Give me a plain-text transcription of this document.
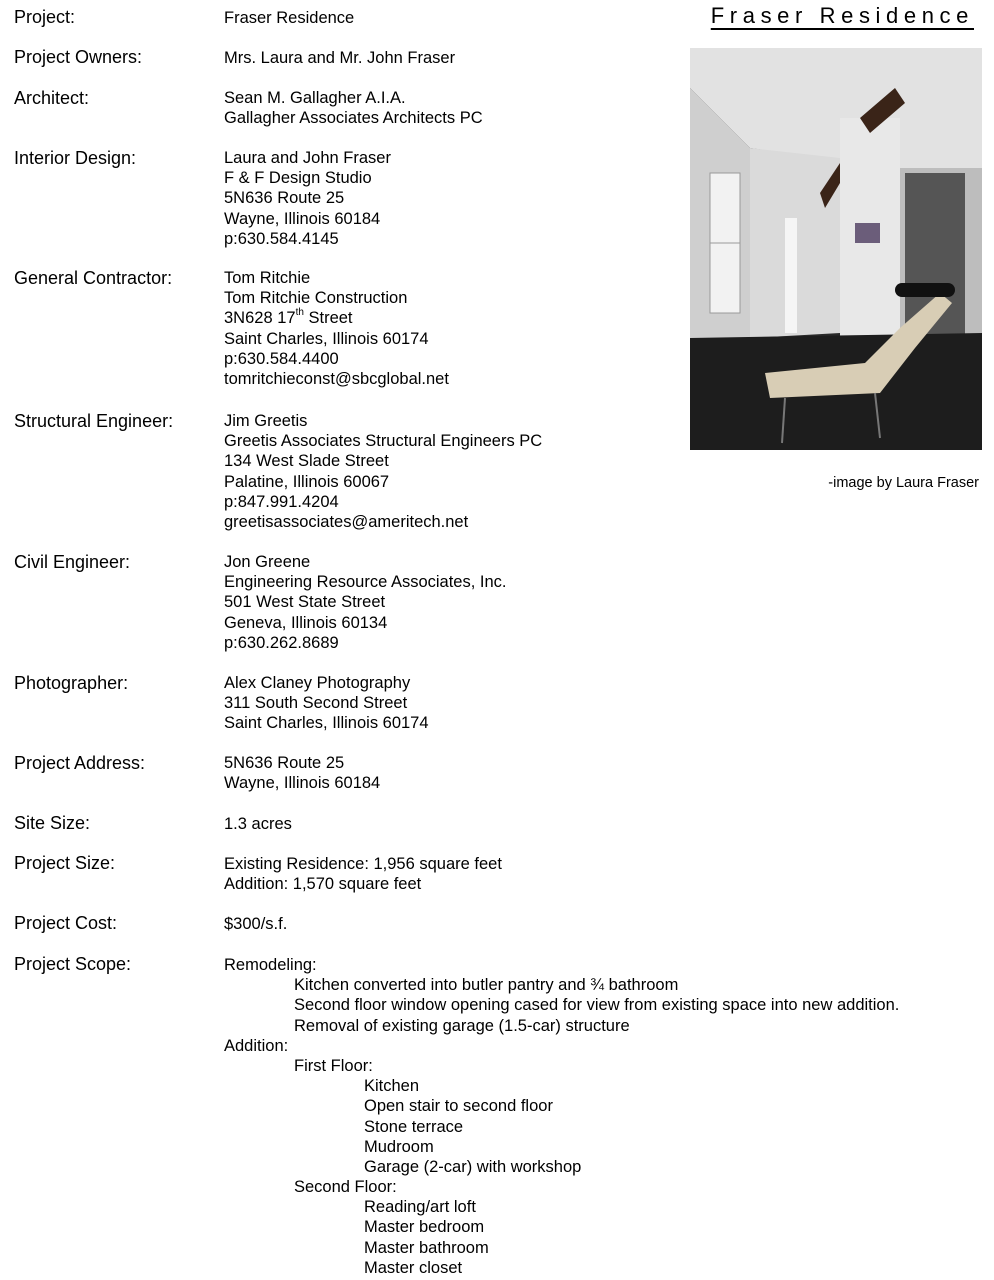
Fraser Residence
-image by Laura Fraser
Project:	Fraser Residence
Project Owners:	Mrs. Laura and Mr. John Fraser
Architect:	Sean M. Gallagher A.I.A.
Gallagher Associates Architects PC
Interior Design:	Laura and John Fraser
F & F Design Studio
5N636 Route 25
Wayne, Illinois 60184
p:630.584.4145
General Contractor:	Tom Ritchie
Tom Ritchie Construction
3N628 17th Street
Saint Charles, Illinois 60174
p:630.584.4400
tomritchieconst@sbcglobal.net
Structural Engineer:	Jim Greetis
Greetis Associates Structural Engineers PC
134 West Slade Street
Palatine, Illinois 60067
p:847.991.4204
greetisassociates@ameritech.net
Civil Engineer:	Jon Greene
Engineering Resource Associates, Inc.
501 West State Street
Geneva, Illinois 60134
p:630.262.8689
Photographer:	Alex Claney Photography
311 South Second Street
Saint Charles, Illinois 60174
Project Address:	5N636 Route 25
Wayne, Illinois 60184
Site Size:	1.3 acres
Project Size:	Existing Residence: 1,956 square feet
Addition: 1,570 square feet
Project Cost:	$300/s.f.
Project Scope:	Remodeling:
Kitchen converted into butler pantry and ¾ bathroom
Second floor window opening cased for view from existing space into new addition.
Removal of existing garage (1.5-car) structure
Addition:
First Floor:
Kitchen
Open stair to second floor
Stone terrace
Mudroom
Garage (2-car) with workshop
Second Floor:
Reading/art loft
Master bedroom
Master bathroom
Master closet
